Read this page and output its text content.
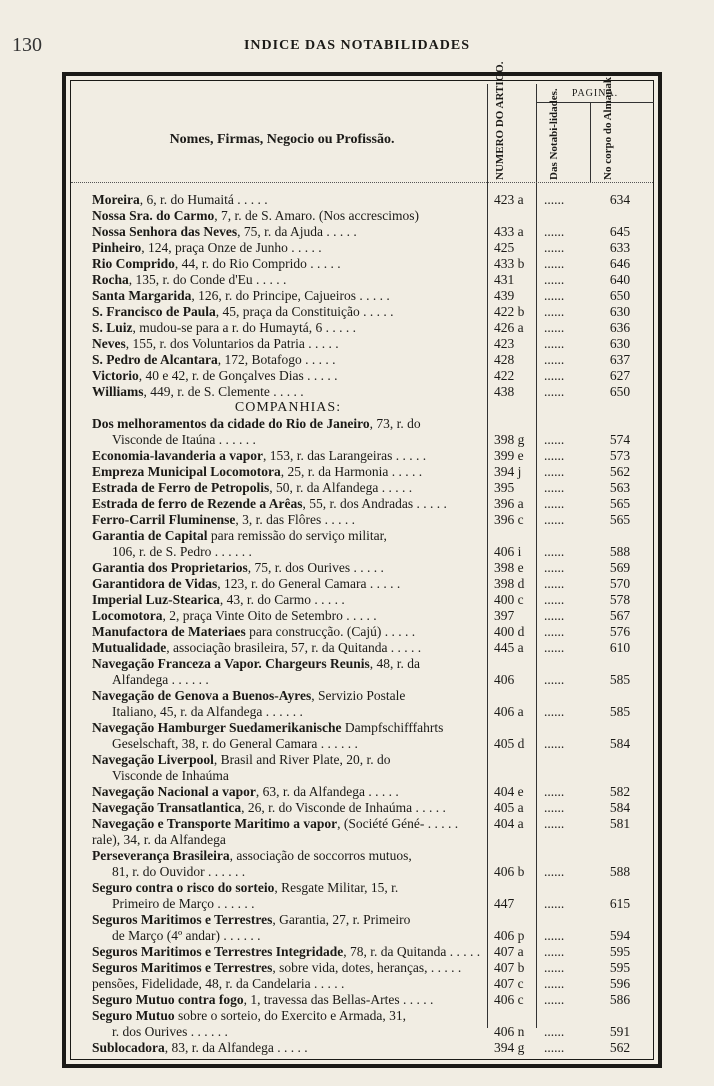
130	INDICE DAS NOTABILIDADES
Nomes, Firmas, Negocio ou Profissão.	NUMERO DO ARTIGO.	PAGINA.
Das Notabi-lidades.	No corpo do Almanak
Moreira, 6, r. do Humaitá . . . . .	423 a	......	634
Nossa Sra. do Carmo, 7, r. de S. Amaro. (Nos accrescimos)
Nossa Senhora das Neves, 75, r. da Ajuda . . . . .	433 a	......	645
Pinheiro, 124, praça Onze de Junho . . . . .	425	......	633
Rio Comprido, 44, r. do Rio Comprido . . . . .	433 b	......	646
Rocha, 135, r. do Conde d'Eu . . . . .	431	......	640
Santa Margarida, 126, r. do Principe, Cajueiros . . . . .	439	......	650
S. Francisco de Paula, 45, praça da Constituição . . . . .	422 b	......	630
S. Luiz, mudou-se para a r. do Humaytá, 6 . . . . .	426 a	......	636
Neves, 155, r. dos Voluntarios da Patria . . . . .	423	......	630
S. Pedro de Alcantara, 172, Botafogo . . . . .	428	......	637
Victorio, 40 e 42, r. de Gonçalves Dias . . . . .	422	......	627
Williams, 449, r. de S. Clemente . . . . .	438	......	650
COMPANHIAS:
Dos melhoramentos da cidade do Rio de Janeiro, 73, r. do
Visconde de Itaúna . . . . . .	398 g	......	574
Economia-lavanderia a vapor, 153, r. das Larangeiras . . . . .	399 e	......	573
Empreza Municipal Locomotora, 25, r. da Harmonia . . . . .	394 j	......	562
Estrada de Ferro de Petropolis, 50, r. da Alfandega . . . . .	395	......	563
Estrada de ferro de Rezende a Arêas, 55, r. dos Andradas . . . . .	396 a	......	565
Ferro-Carril Fluminense, 3, r. das Flôres . . . . .	396 c	......	565
Garantia de Capital para remissão do serviço militar,
106, r. de S. Pedro . . . . . .	406 i	......	588
Garantia dos Proprietarios, 75, r. dos Ourives . . . . .	398 e	......	569
Garantidora de Vidas, 123, r. do General Camara . . . . .	398 d	......	570
Imperial Luz-Stearica, 43, r. do Carmo . . . . .	400 c	......	578
Locomotora, 2, praça Vinte Oito de Setembro . . . . .	397	......	567
Manufactora de Materiaes para construcção. (Cajú) . . . . .	400 d	......	576
Mutualidade, associação brasileira, 57, r. da Quitanda . . . . .	445 a	......	610
Navegação Franceza a Vapor. Chargeurs Reunis, 48, r. da
Alfandega . . . . . .	406	......	585
Navegação de Genova a Buenos-Ayres, Servizio Postale
Italiano, 45, r. da Alfandega . . . . . .	406 a	......	585
Navegação Hamburger Suedamerikanische Dampfschifffahrts
Geselschaft, 38, r. do General Camara . . . . . .	405 d	......	584
Navegação Liverpool, Brasil and River Plate, 20, r. do
Visconde de Inhaúma
Navegação Nacional a vapor, 63, r. da Alfandega . . . . .	404 e	......	582
Navegação Transatlantica, 26, r. do Visconde de Inhaúma . . . . .	405 a	......	584
Navegação e Transporte Maritimo a vapor, (Société Géné- . . . . .	404 a	......	581
rale), 34, r. da Alfandega
Perseverança Brasileira, associação de soccorros mutuos,
81, r. do Ouvidor . . . . . .	406 b	......	588
Seguro contra o risco do sorteio, Resgate Militar, 15, r.
Primeiro de Março . . . . . .	447	......	615
Seguros Maritimos e Terrestres, Garantia, 27, r. Primeiro
de Março (4º andar) . . . . . .	406 p	......	594
Seguros Maritimos e Terrestres Integridade, 78, r. da Quitanda . . . . . 407 a	......	595
Seguros Maritimos e Terrestres, sobre vida, dotes, heranças, . . . . .	407 b	......	595
pensões, Fidelidade, 48, r. da Candelaria . . . . .	407 c	......	596
Seguro Mutuo contra fogo, 1, travessa das Bellas-Artes . . . . .	406 c	......	586
Seguro Mutuo sobre o sorteio, do Exercito e Armada, 31,
r. dos Ourives . . . . . .	406 n	......	591
Sublocadora, 83, r. da Alfandega . . . . .	394 g	......	562
